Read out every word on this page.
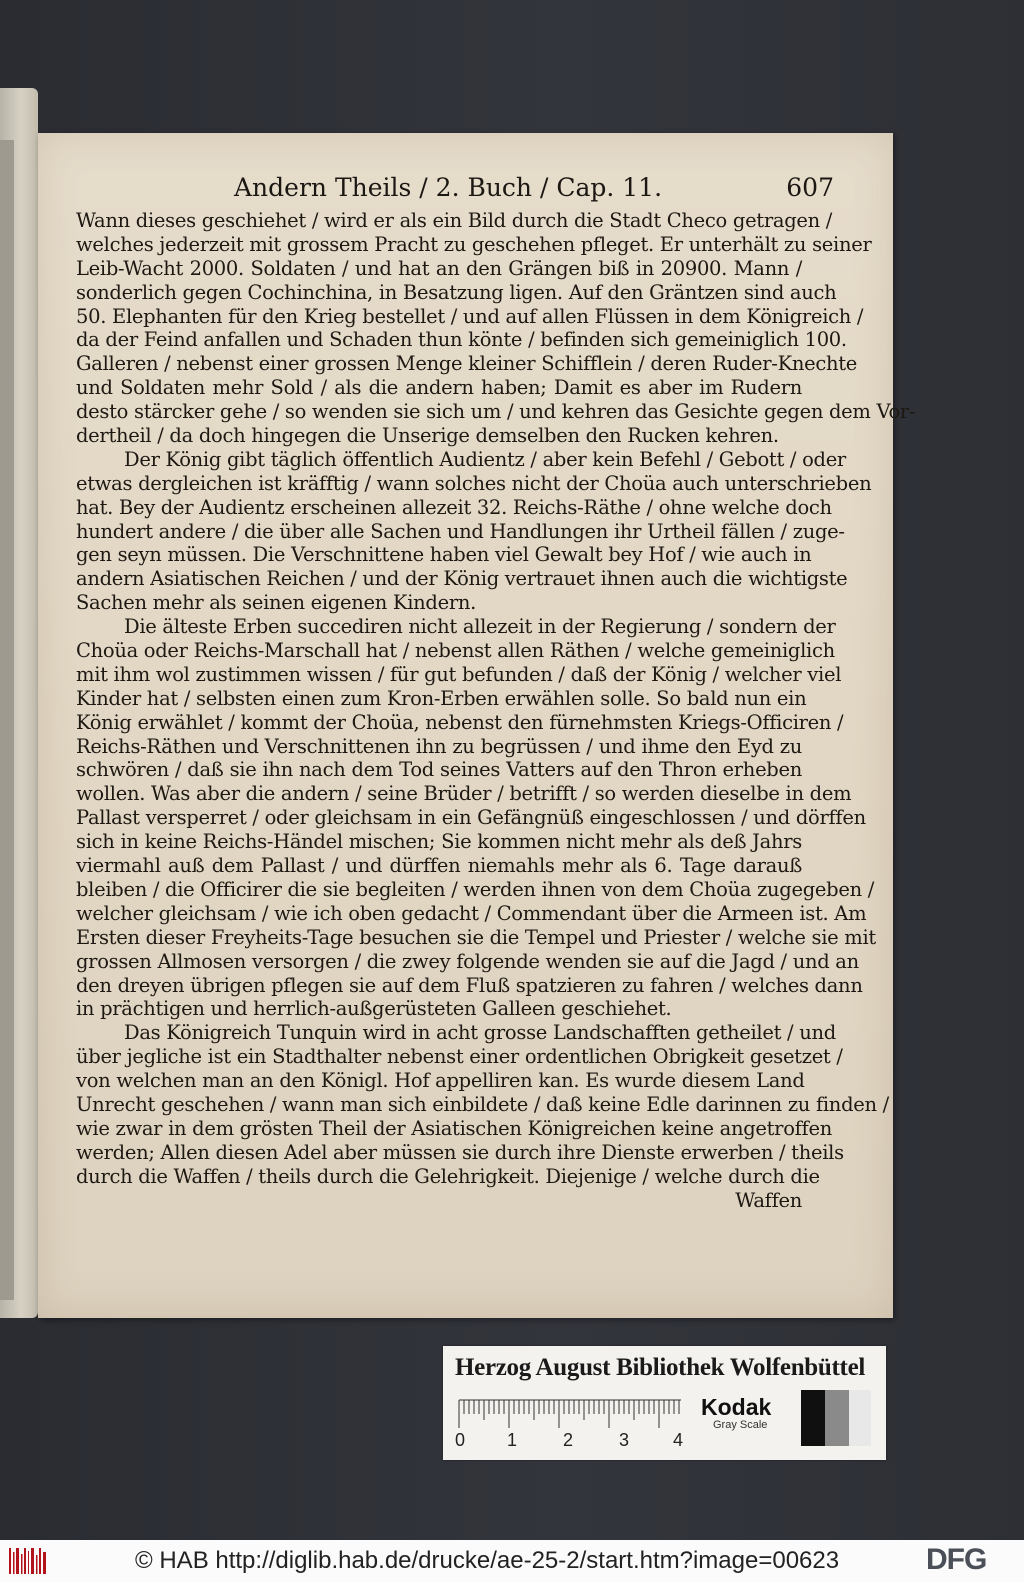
Andern Theils / 2. Buch / Cap. 11.	607
Wann dieses geschiehet / wird er als ein Bild durch die Stadt Checo getragen /
welches jederzeit mit grossem Pracht zu geschehen pfleget. Er unterhält zu seiner
Leib-Wacht 2000. Soldaten / und hat an den Grängen biß in 20900. Mann /
sonderlich gegen Cochinchina, in Besatzung ligen. Auf den Gräntzen sind auch
50. Elephanten für den Krieg bestellet / und auf allen Flüssen in dem Königreich /
da der Feind anfallen und Schaden thun könte / befinden sich gemeiniglich 100.
Galleren / nebenst einer grossen Menge kleiner Schifflein / deren Ruder-Knechte
und Soldaten mehr Sold / als die andern haben; Damit es aber im Rudern
desto stärcker gehe / so wenden sie sich um / und kehren das Gesichte gegen dem Vor-
dertheil / da doch hingegen die Unserige demselben den Rucken kehren.
Der König gibt täglich öffentlich Audientz / aber kein Befehl / Gebott / oder
etwas dergleichen ist kräfftig / wann solches nicht der Choüa auch unterschrieben
hat. Bey der Audientz erscheinen allezeit 32. Reichs-Räthe / ohne welche doch
hundert andere / die über alle Sachen und Handlungen ihr Urtheil fällen / zuge-
gen seyn müssen. Die Verschnittene haben viel Gewalt bey Hof / wie auch in
andern Asiatischen Reichen / und der König vertrauet ihnen auch die wichtigste
Sachen mehr als seinen eigenen Kindern.
Die älteste Erben succediren nicht allezeit in der Regierung / sondern der
Choüa oder Reichs-Marschall hat / nebenst allen Räthen / welche gemeiniglich
mit ihm wol zustimmen wissen / für gut befunden / daß der König / welcher viel
Kinder hat / selbsten einen zum Kron-Erben erwählen solle. So bald nun ein
König erwählet / kommt der Choüa, nebenst den fürnehmsten Kriegs-Officiren /
Reichs-Räthen und Verschnittenen ihn zu begrüssen / und ihme den Eyd zu
schwören / daß sie ihn nach dem Tod seines Vatters auf den Thron erheben
wollen. Was aber die andern / seine Brüder / betrifft / so werden dieselbe in dem
Pallast versperret / oder gleichsam in ein Gefängnüß eingeschlossen / und dörffen
sich in keine Reichs-Händel mischen; Sie kommen nicht mehr als deß Jahrs
viermahl auß dem Pallast / und dürffen niemahls mehr als 6. Tage darauß
bleiben / die Officirer die sie begleiten / werden ihnen von dem Choüa zugegeben /
welcher gleichsam / wie ich oben gedacht / Commendant über die Armeen ist. Am
Ersten dieser Freyheits-Tage besuchen sie die Tempel und Priester / welche sie mit
grossen Allmosen versorgen / die zwey folgende wenden sie auf die Jagd / und an
den dreyen übrigen pflegen sie auf dem Fluß spatzieren zu fahren / welches dann
in prächtigen und herrlich-außgerüsteten Galleen geschiehet.
Das Königreich Tunquin wird in acht grosse Landschafften getheilet / und
über jegliche ist ein Stadthalter nebenst einer ordentlichen Obrigkeit gesetzet /
von welchen man an den Königl. Hof appelliren kan. Es wurde diesem Land
Unrecht geschehen / wann man sich einbildete / daß keine Edle darinnen zu finden /
wie zwar in dem grösten Theil der Asiatischen Königreichen keine angetroffen
werden; Allen diesen Adel aber müssen sie durch ihre Dienste erwerben / theils
durch die Waffen / theils durch die Gelehrigkeit. Diejenige / welche durch die
Waffen
Herzog August Bibliothek Wolfenbüttel
0 1	2	3 4
Kodak
Gray Scale
© HAB http://diglib.hab.de/drucke/ae-25-2/start.htm?image=00623	DFG
